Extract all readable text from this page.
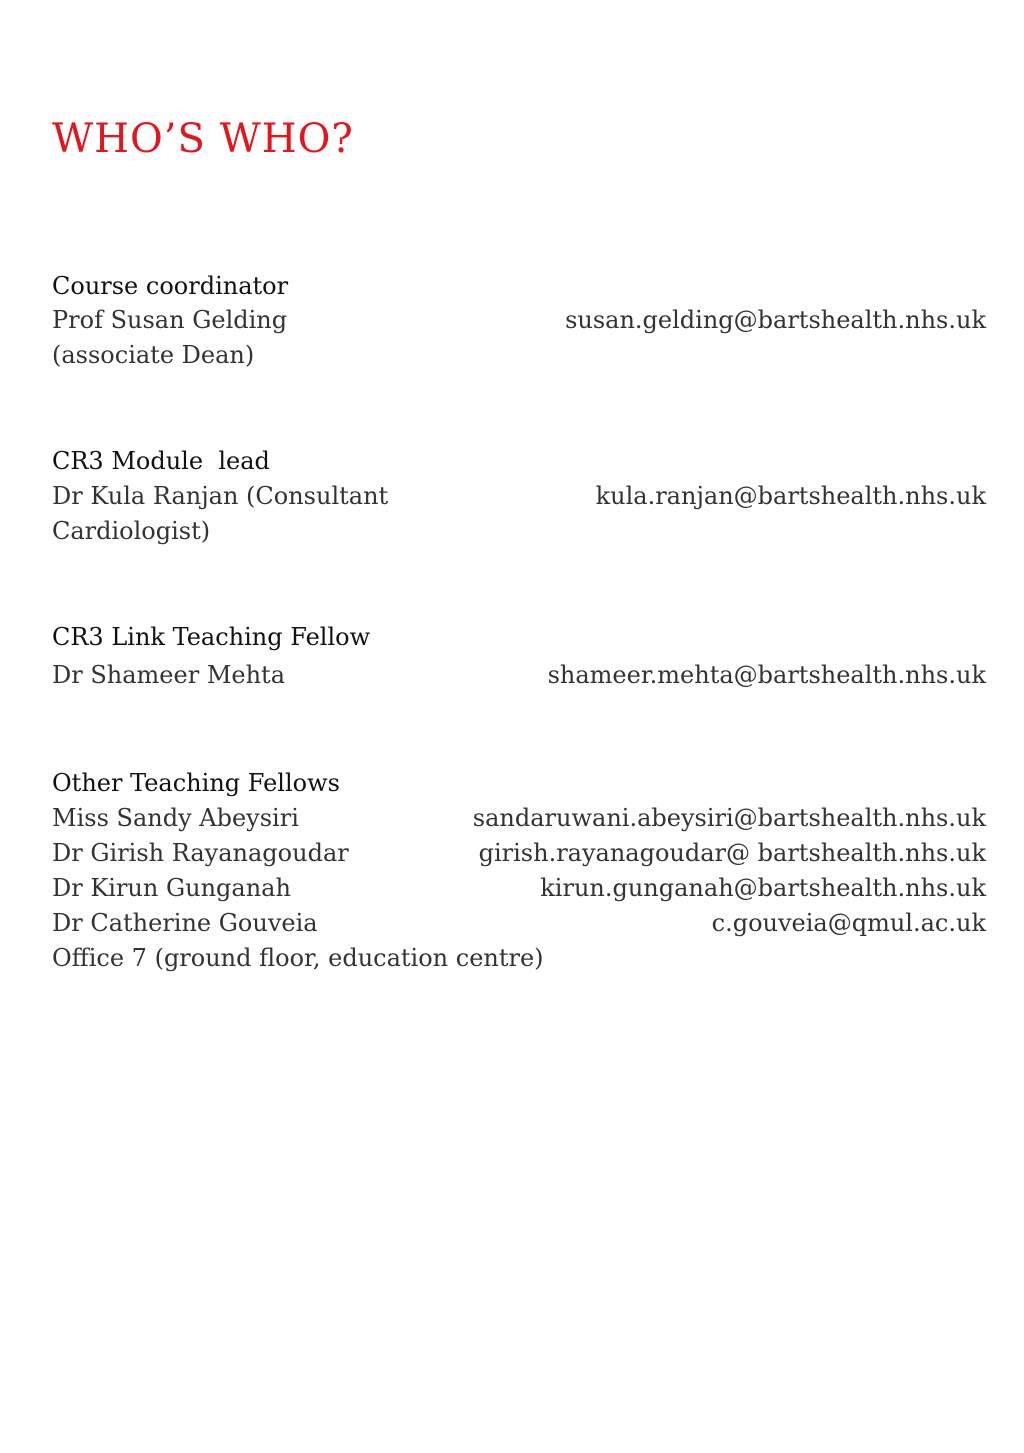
WHO’S WHO?
Course coordinator
Prof Susan Gelding	susan.gelding@bartshealth.nhs.uk
(associate Dean)
CR3 Module  lead
Dr Kula Ranjan (Consultant	kula.ranjan@bartshealth.nhs.uk
Cardiologist)
CR3 Link Teaching Fellow
Dr Shameer Mehta	shameer.mehta@bartshealth.nhs.uk
Other Teaching Fellows
Miss Sandy Abeysiri	sandaruwani.abeysiri@bartshealth.nhs.uk
Dr Girish Rayanagoudar	girish.rayanagoudar@ bartshealth.nhs.uk
Dr Kirun Gunganah	kirun.gunganah@bartshealth.nhs.uk
Dr Catherine Gouveia	c.gouveia@qmul.ac.uk
Office 7 (ground floor, education centre)
